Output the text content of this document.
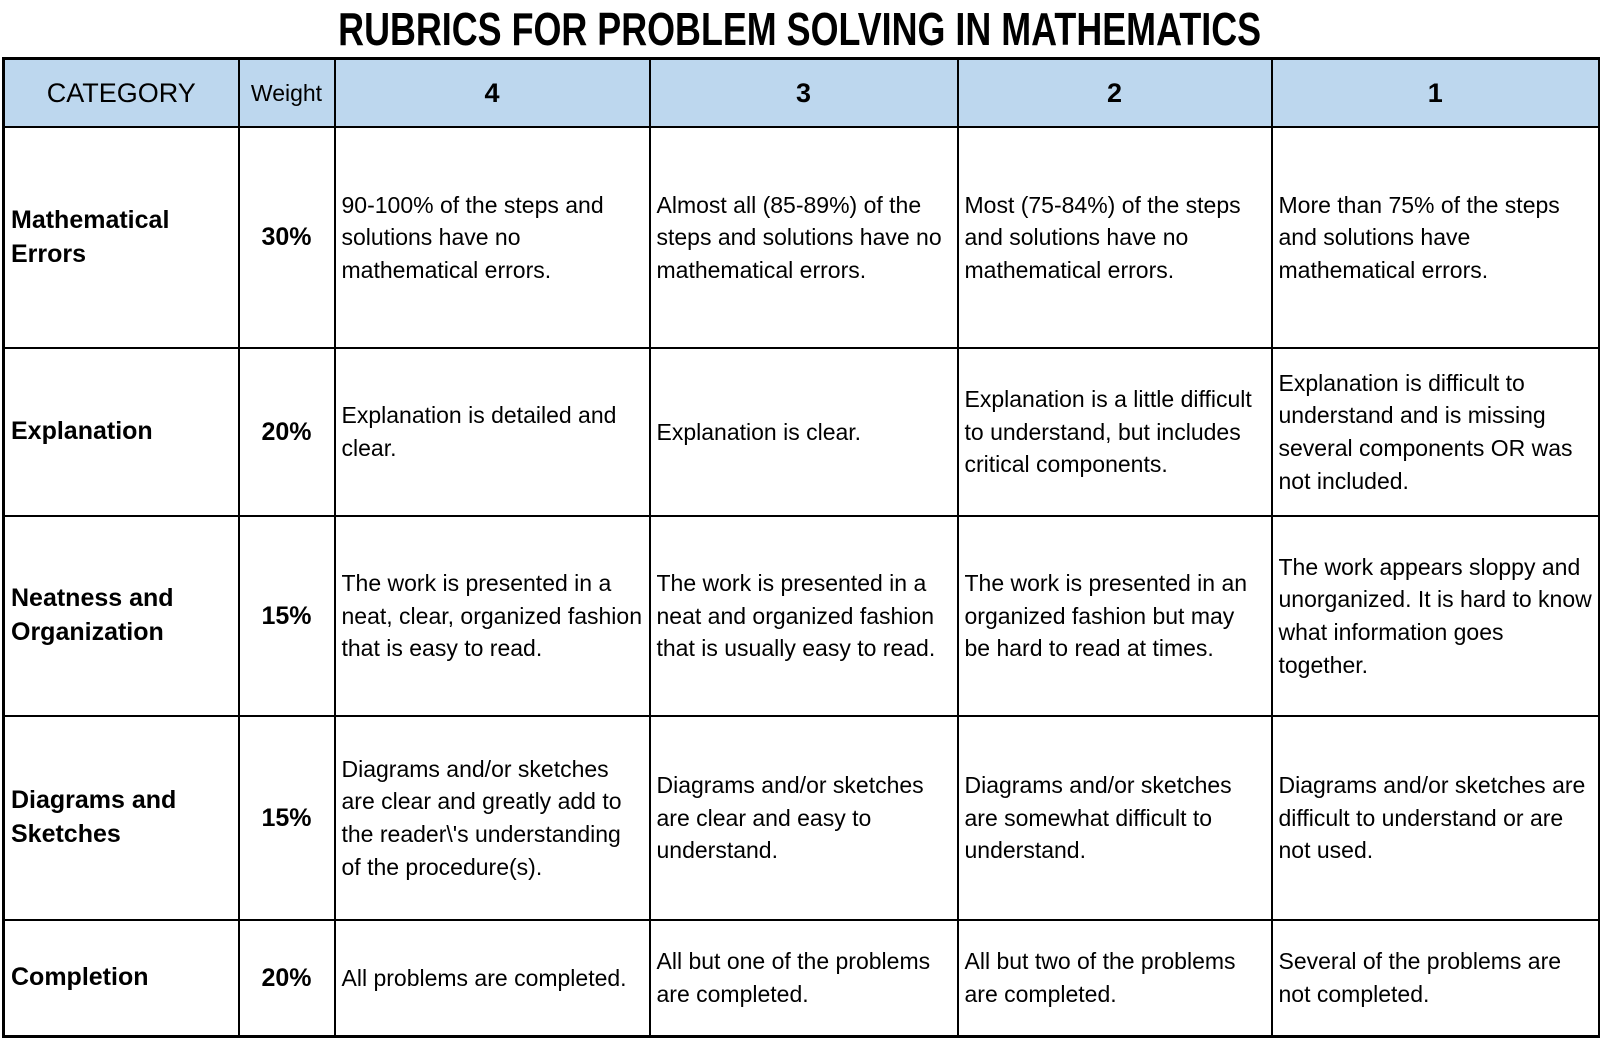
RUBRICS FOR PROBLEM SOLVING IN MATHEMATICS
CATEGORY	Weight	4	3	2	1
Mathematical Errors	30%	90-100% of the steps and solutions have no mathematical errors.	Almost all (85-89%) of the steps and solutions have no mathematical errors.	Most (75-84%) of the steps and solutions have no mathematical errors.	More than 75% of the steps and solutions have mathematical errors.
Explanation	20%	Explanation is detailed and clear.	Explanation is clear.	Explanation is a little difficult to understand, but includes critical components.	Explanation is difficult to understand and is missing several components OR was not included.
Neatness and Organization	15%	The work is presented in a neat, clear, organized fashion that is easy to read.	The work is presented in a neat and organized fashion that is usually easy to read.	The work is presented in an organized fashion but may be hard to read at times.	The work appears sloppy and unorganized. It is hard to know what information goes together.
Diagrams and Sketches	15%	Diagrams and/or sketches are clear and greatly add to the reader\'s understanding of the procedure(s).	Diagrams and/or sketches are clear and easy to understand.	Diagrams and/or sketches are somewhat difficult to understand.	Diagrams and/or sketches are difficult to understand or are not used.
Completion	20%	All problems are completed.	All but one of the problems are completed.	All but two of the problems are completed.	Several of the problems are not completed.
